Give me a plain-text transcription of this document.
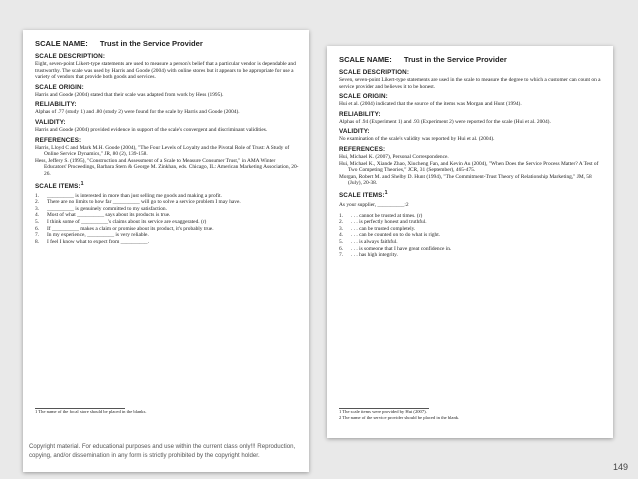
SCALE NAME: Trust in the Service Provider
SCALE DESCRIPTION:
Eight, seven-point Likert-type statements are used to measure a person's belief that a particular vendor is dependable and trustworthy. The scale was used by Harris and Goode (2004) with online stores but it appears to be appropriate for use a variety of vendors that provide both goods and services.
SCALE ORIGIN:
Harris and Goode (2004) stated that their scale was adapted from work by Hess (1995).
RELIABILITY:
Alphas of .77 (study 1) and .80 (study 2) were found for the scale by Harris and Goode (2004).
VALIDITY:
Harris and Goode (2004) provided evidence in support of the scale's convergent and discriminant validities.
REFERENCES:
Harris, Lloyd C and Mark M.H. Goode (2004), "The Four Levels of Loyalty and the Pivotal Role of Trust: A Study of Online Service Dynamics," JR, 80 (2), 139-158.
Hess, Jeffery S. (1995), "Construction and Assessment of a Scale to Measure Consumer Trust," in AMA Winter Educators' Proceedings, Barbara Stern & George M. Zinkhan, eds. Chicago, IL: American Marketing Association, 20-26.
SCALE ITEMS:$^1$
1.	__________ is interested in more than just selling me goods and making a profit.
2.	There are no limits to how far __________ will go to solve a service problem I may have.
3.	__________ is genuinely committed to my satisfaction.
4.	Most of what __________ says about its products is true.
5.	I think some of __________'s claims about its service are exaggerated. (r)
6.	If __________ makes a claim or promise about its product, it's probably true.
7.	In my experience, __________ is very reliable.
8.	I feel I know what to expect from __________.
1 The name of the focal store should be placed in the blanks.
SCALE NAME: Trust in the Service Provider
SCALE DESCRIPTION:
Seven, seven-point Likert-type statements are used in the scale to measure the degree to which a customer can count on a service provider and believes it to be honest.
SCALE ORIGIN:
Hui et al. (2004) indicated that the source of the items was Morgan and Hunt (1994).
RELIABILITY:
Alphas of .94 (Experiment 1) and .93 (Experiment 2) were reported for the scale (Hui et al. 2004).
VALIDITY:
No examination of the scale's validity was reported by Hui et al. (2004).
REFERENCES:
Hui, Michael K. (2007), Personal Correspondence.
Hui, Michael K., Xiande Zhao, Xiucheng Fan, and Kevin Au (2004), "When Does the Service Process Matter? A Test of Two Competing Theories," JCR, 31 (September), 465-475.
Morgan, Robert M. and Shelby D. Hunt (1994), "The Commitment-Trust Theory of Relationship Marketing," JM, 58 (July), 20-38.
SCALE ITEMS:$^1$
As your supplier, __________:2
1.	. . . cannot be trusted at times. (r)
2.	. . . is perfectly honest and truthful.
3.	. . . can be trusted completely.
4.	. . . can be counted on to do what is right.
5.	. . . is always faithful.
6.	. . . is someone that I have great confidence in.
7.	. . . has high integrity.
1 The scale items were provided by Hui (2007).
2 The name of the service provider should be placed in the blank.
Copyright material. For educational purposes and use within the current class only!!! Reproduction, copying, and/or dissemination in any form is strictly prohibited by the copyright holder.
149
